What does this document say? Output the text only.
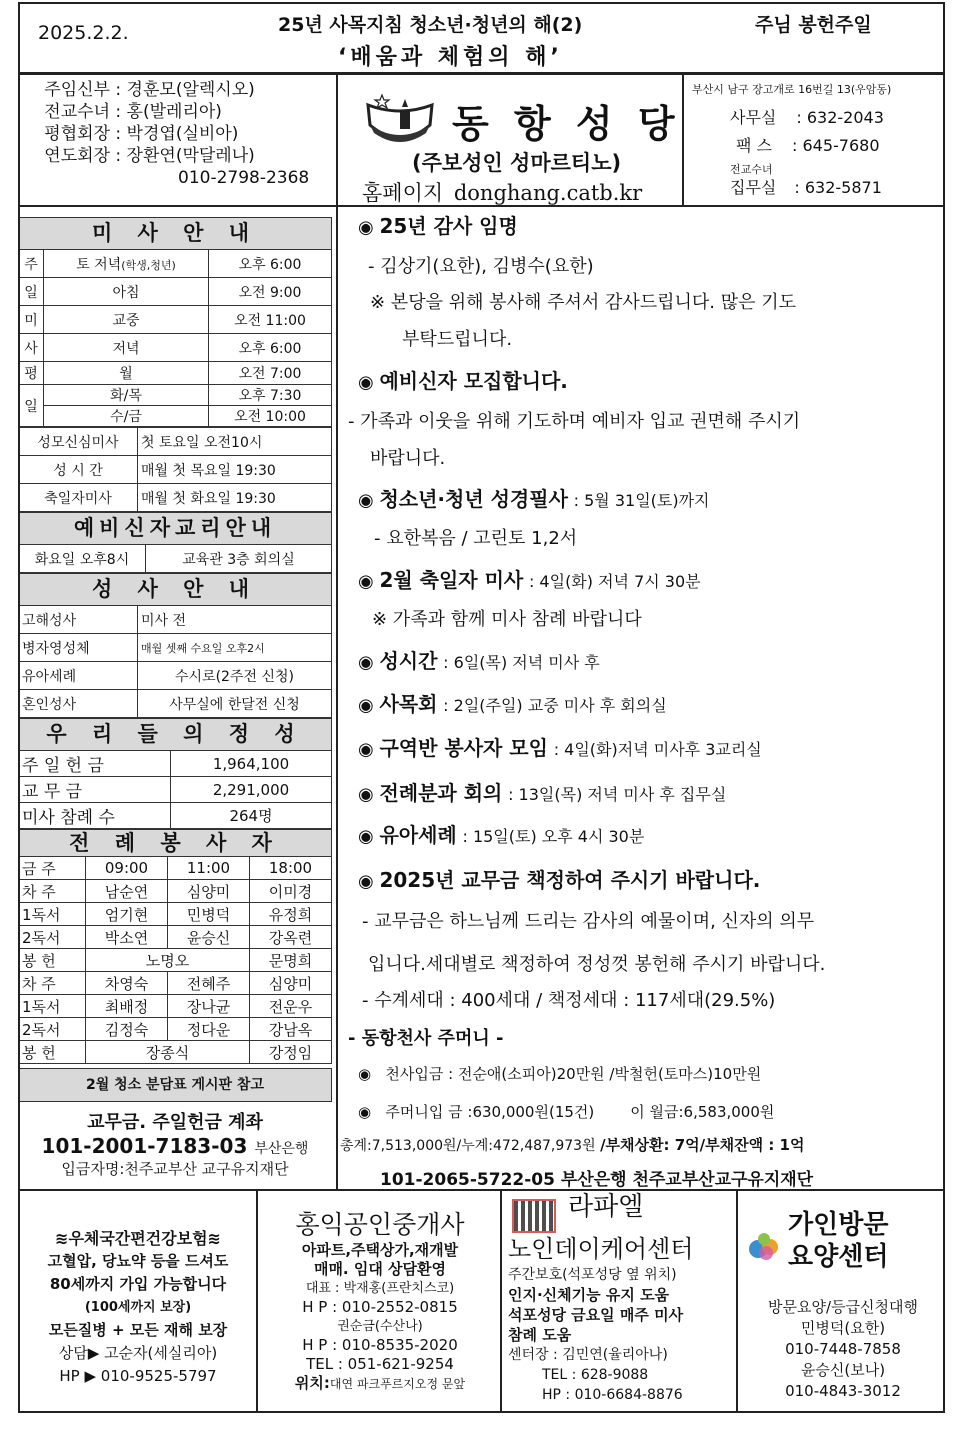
2025.2.2.	25년 사목지침 청소년·청년의 해(2)
‘배움과 체험의 해’
주님 봉헌주일
주임신부 : 경훈모(알렉시오)
전교수녀 : 홍(발레리아)
평협회장 : 박경엽(실비아)
연도회장 : 장환연(막달레나)
010-2798-2368
동 항 성 당
(주보성인 성마르티노)
홈페이지 donghang.catb.kr
부산시 남구 장고개로 16번길 13(우암동)
사무실 : 632-2043
팩 스 : 645-7680
전교수녀
집무실 : 632-5871
미 사 안 내
주	토 저녁(학생,청년)	오후 6:00
일	아침	오전 9:00
미	교중	오전 11:00
사	저녁	오후 6:00
평	월	오전 7:00
일	화/목	오후 7:30
	수/금	오전 10:00
성모신심미사	첫 토요일 오전10시
성 시 간	매월 첫 목요일 19:30
축일자미사	매월 첫 화요일 19:30
예비신자교리안내
화요일 오후8시	교육관 3층 회의실
성 사 안 내
고해성사	미사 전
병자영성체	매월 셋째 수요일 오후2시
유아세례	수시로(2주전 신청)
혼인성사	사무실에 한달전 신청
우 리 들 의 정 성
주 일 헌 금	1,964,100
교 무 금	2,291,000
미사 참례 수	264명
전 례 봉 사 자
금 주	09:00	11:00	18:00
차 주	남순연	심양미	이미경
1독서	엄기현	민병덕	유정희
2독서	박소연	윤승신	강옥련
봉 헌	노명오		문명희
차 주	차영숙	전혜주	심양미
1독서	최배정	장나균	전운우
2독서	김정숙	정다운	강남옥
봉 헌	장종식		강정임
2월 청소 분담표 게시판 참고
교무금. 주일헌금 계좌
101-2001-7183-03 부산은행
입금자명:천주교부산 교구유지재단
◉ 25년 감사 임명
- 김상기(요한), 김병수(요한)
※ 본당을 위해 봉사해 주셔서 감사드립니다. 많은 기도
부탁드립니다.
◉ 예비신자 모집합니다.
- 가족과 이웃을 위해 기도하며 예비자 입교 권면해 주시기
바랍니다.
◉ 청소년·청년 성경필사 : 5월 31일(토)까지
- 요한복음 / 고린토 1,2서
◉ 2월 축일자 미사 : 4일(화) 저녁 7시 30분
※ 가족과 함께 미사 참례 바랍니다
◉ 성시간 : 6일(목) 저녁 미사 후
◉ 사목회 : 2일(주일) 교중 미사 후 회의실
◉ 구역반 봉사자 모임 : 4일(화)저녁 미사후 3교리실
◉ 전례분과 회의 : 13일(목) 저녁 미사 후 집무실
◉ 유아세례 : 15일(토) 오후 4시 30분
◉ 2025년 교무금 책정하여 주시기 바랍니다.
- 교무금은 하느님께 드리는 감사의 예물이며, 신자의 의무
입니다.세대별로 책정하여 정성껏 봉헌해 주시기 바랍니다.
- 수계세대 : 400세대 / 책정세대 : 117세대(29.5%)
- 동항천사 주머니 -
◉ 천사입금 : 전순애(소피아)20만원 /박철헌(토마스)10만원
◉ 주머니입 금 :630,000원(15건) 이 월금:6,583,000원
총계:7,513,000원/누계:472,487,973원 /부채상환: 7억/부채잔액 : 1억
101-2065-5722-05 부산은행 천주교부산교구유지재단
≋우체국간편건강보험≋
고혈압, 당뇨약 등을 드셔도
80세까지 가입 가능합니다
(100세까지 보장)
모든질병 + 모든 재해 보장
상담▶ 고순자(세실리아)
HP ▶ 010-9525-5797
홍익공인중개사
아파트,주택상가,재개발
매매. 임대 상담환영
대표 : 박재홍(프란치스코)
H P : 010-2552-0815
권순금(수산나)
H P : 010-8535-2020
TEL : 051-621-9254
위치:대연 파크푸르지오정 문앞
라파엘
노인데이케어센터
주간보호(석포성당 옆 위치)
인지·신체기능 유지 도움
석포성당 금요일 매주 미사
참례 도움
센터장 : 김민연(율리아나)
TEL : 628-9088
HP : 010-6684-8876
가인방문
요양센터
방문요양/등급신청대행
민병덕(요한)
010-7448-7858
윤승신(보나)
010-4843-3012
